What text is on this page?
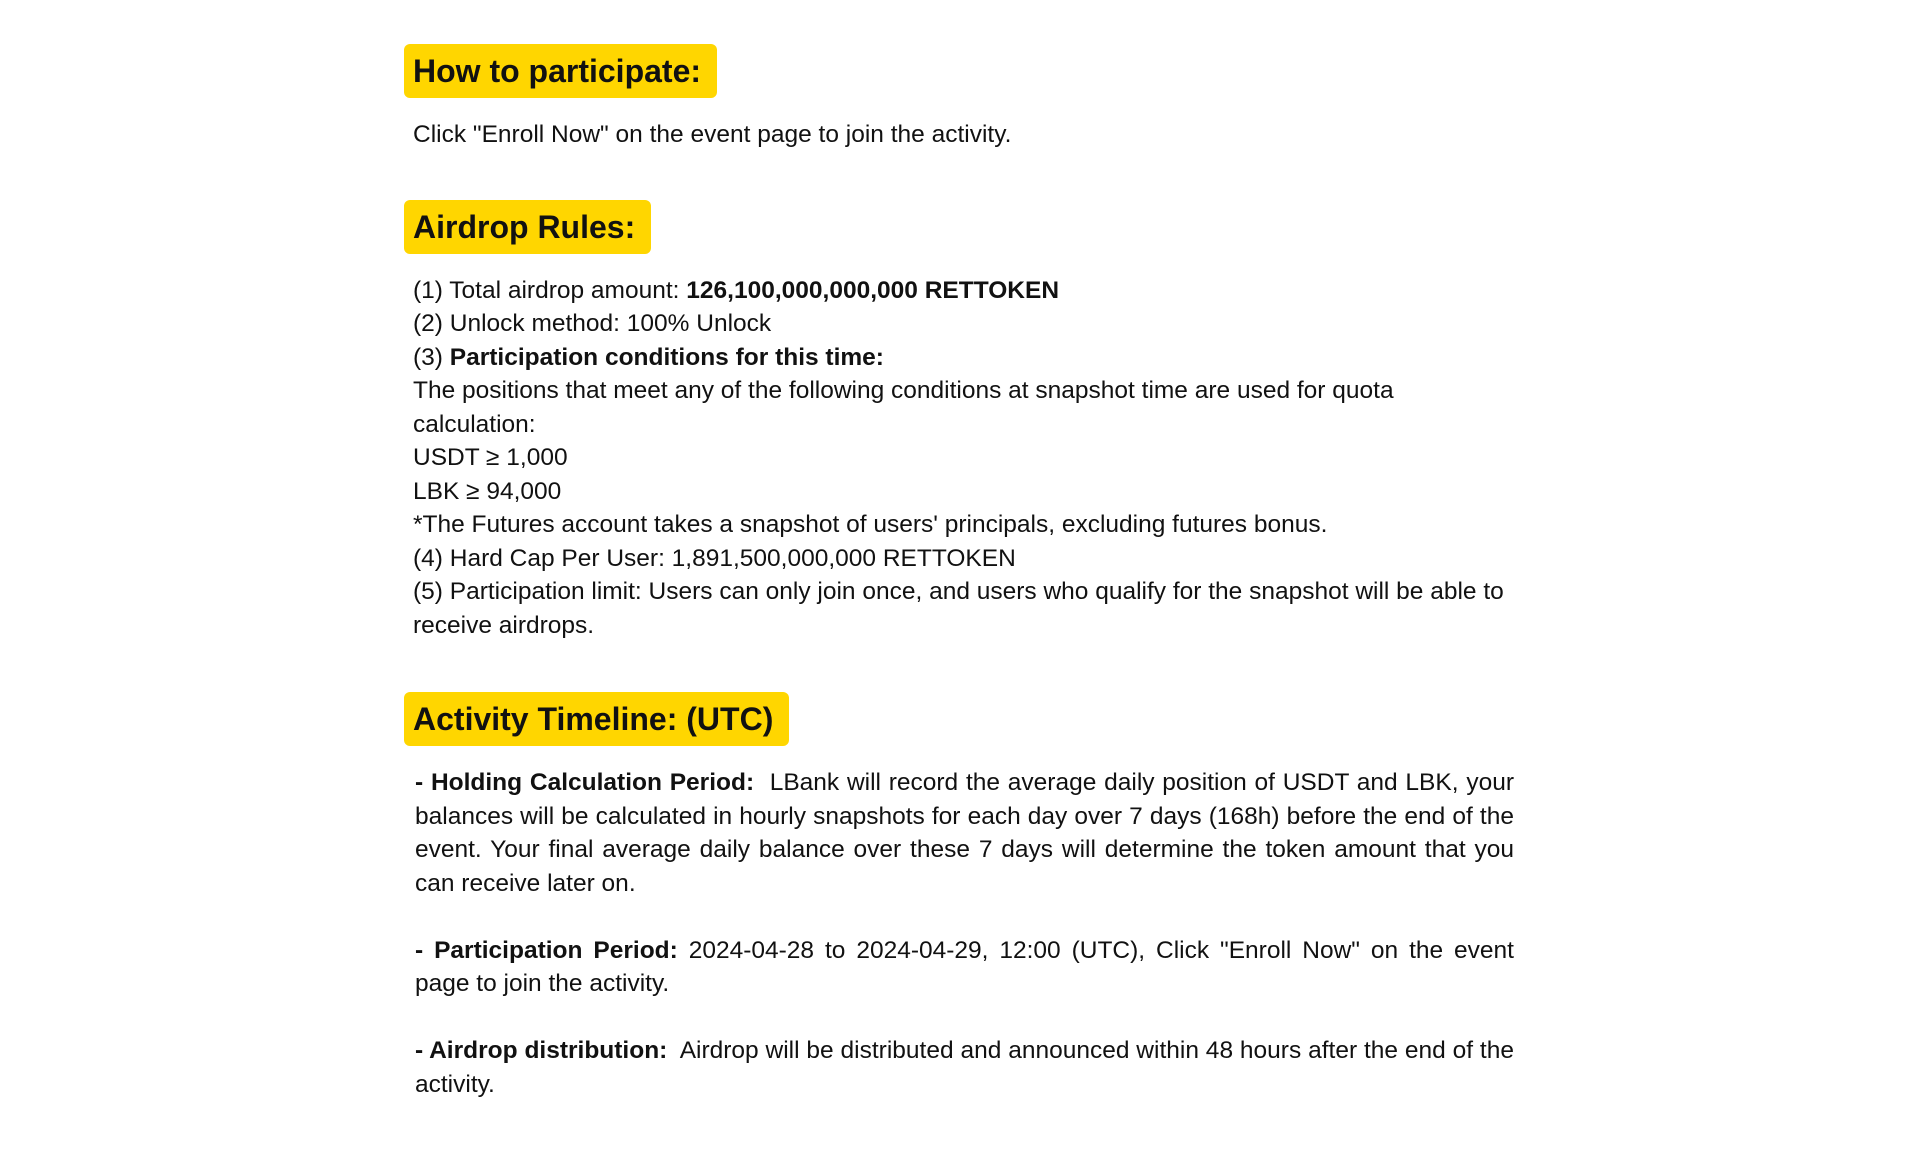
How to participate:
Click "Enroll Now" on the event page to join the activity.
Airdrop Rules:
(1) Total airdrop amount: 126,100,000,000,000 RETTOKEN
(2) Unlock method: 100% Unlock
(3) Participation conditions for this time:
The positions that meet any of the following conditions at snapshot time are used for quota calculation:
USDT ≥ 1,000
LBK ≥ 94,000
*The Futures account takes a snapshot of users' principals, excluding futures bonus.
(4) Hard Cap Per User: 1,891,500,000,000 RETTOKEN
(5) Participation limit: Users can only join once, and users who qualify for the snapshot will be able to receive airdrops.
Activity Timeline: (UTC)
- Holding Calculation Period:  LBank will record the average daily position of USDT and LBK, your balances will be calculated in hourly snapshots for each day over 7 days (168h) before the end of the event. Your final average daily balance over these 7 days will determine the token amount that you can receive later on.
- Participation Period: 2024-04-28 to 2024-04-29, 12:00 (UTC), Click "Enroll Now" on the event page to join the activity.
- Airdrop distribution:  Airdrop will be distributed and announced within 48 hours after the end of the activity.
